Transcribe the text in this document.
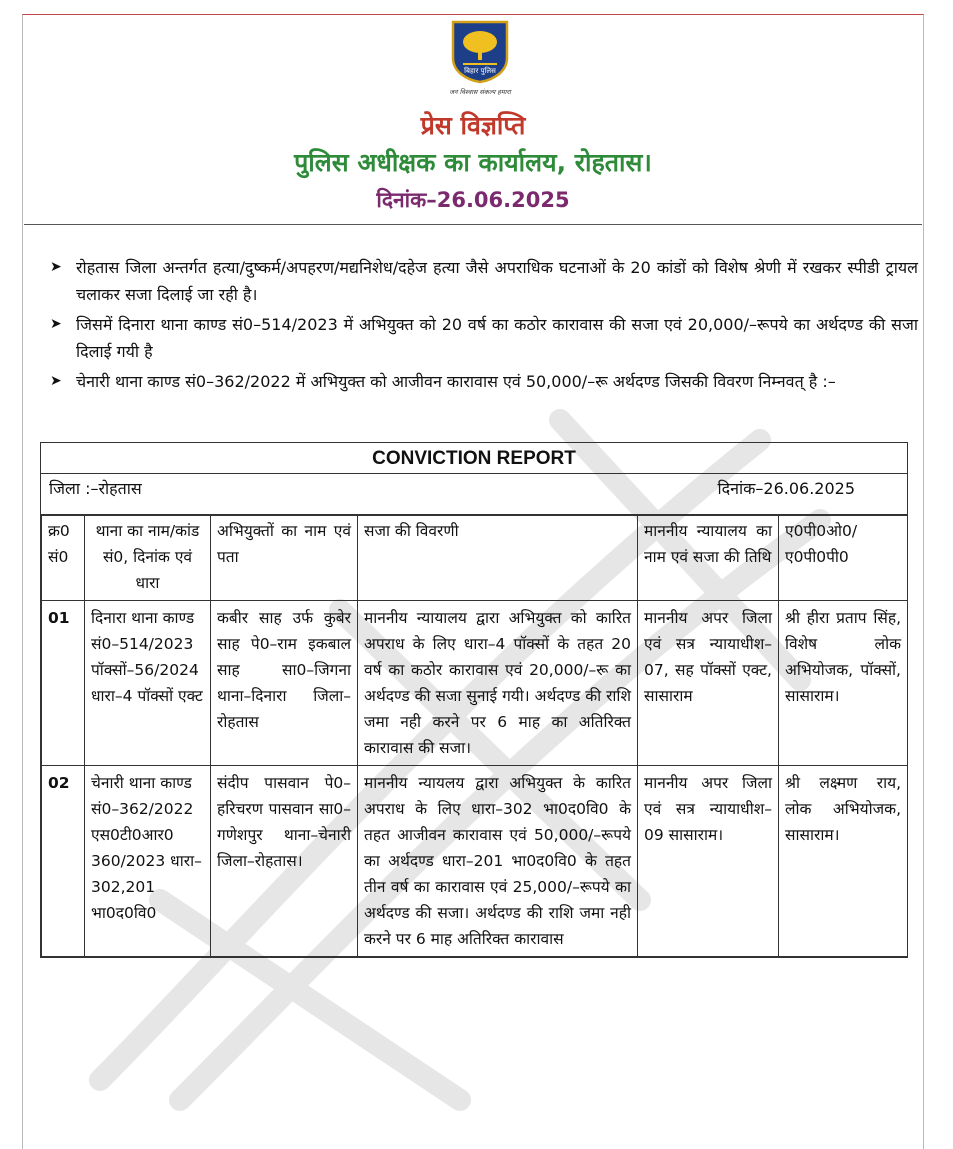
बिहार पुलिस
जन विश्वास संकल्प हमारा
प्रेस विज्ञप्ति
पुलिस अधीक्षक का कार्यालय, रोहतास।
दिनांक–26.06.2025
➤ रोहतास जिला अन्तर्गत हत्या/दुष्कर्म/अपहरण/मद्यनिशेध/दहेज हत्या जैसे अपराधिक घटनाओं के 20 कांडों को विशेष श्रेणी में रखकर स्पीडी ट्रायल चलाकर सजा दिलाई जा रही है।
➤ जिसमें दिनारा थाना काण्ड सं0–514/2023 में अभियुक्त को 20 वर्ष का कठोर कारावास की सजा एवं 20,000/–रूपये का अर्थदण्ड की सजा दिलाई गयी है
➤ चेनारी थाना काण्ड सं0–362/2022 में अभियुक्त को आजीवन कारावास एवं 50,000/–रू अर्थदण्ड जिसकी विवरण निम्नवत् है :–
CONVICTION REPORT
जिला :–रोहतास	दिनांक–26.06.2025
क्र0 सं0	थाना का नाम/कांड सं0, दिनांक एवं धारा	अभियुक्तों का नाम एवं पता	सजा की विवरणी	माननीय न्यायालय का नाम एवं सजा की तिथि	ए0पी0ओ0/ ए0पी0पी0
01	दिनारा थाना काण्ड सं0–514/2023 पॉक्सों–56/2024 धारा–4 पॉक्सों एक्ट	कबीर साह उर्फ कुबेर साह पे0–राम इकबाल साह सा0–जिगना थाना–दिनारा जिला–रोहतास	माननीय न्यायालय द्वारा अभियुक्त को कारित अपराध के लिए धारा–4 पॉक्सों के तहत 20 वर्ष का कठोर कारावास एवं 20,000/–रू का अर्थदण्ड की सजा सुनाई गयी। अर्थदण्ड की राशि जमा नही करने पर 6 माह का अतिरिक्त कारावास की सजा।	माननीय अपर जिला एवं सत्र न्यायाधीश–07, सह पॉक्सों एक्ट, सासाराम	श्री हीरा प्रताप सिंह, विशेष लोक अभियोजक, पॉक्सों, सासाराम।
02	चेनारी थाना काण्ड सं0–362/2022 एस0टी0आर0 360/2023 धारा–302,201 भा0द0वि0	संदीप पासवान पे0–हरिचरण पासवान सा0–गणेशपुर थाना–चेनारी जिला–रोहतास।	माननीय न्यायलय द्वारा अभियुक्त के कारित अपराध के लिए धारा–302 भा0द0वि0 के तहत आजीवन कारावास एवं 50,000/–रूपये का अर्थदण्ड धारा–201 भा0द0वि0 के तहत तीन वर्ष का कारावास एवं 25,000/–रूपये का अर्थदण्ड की सजा। अर्थदण्ड की राशि जमा नही करने पर 6 माह अतिरिक्त कारावास	माननीय अपर जिला एवं सत्र न्यायाधीश–09 सासाराम।	श्री लक्ष्मण राय, लोक अभियोजक, सासाराम।
